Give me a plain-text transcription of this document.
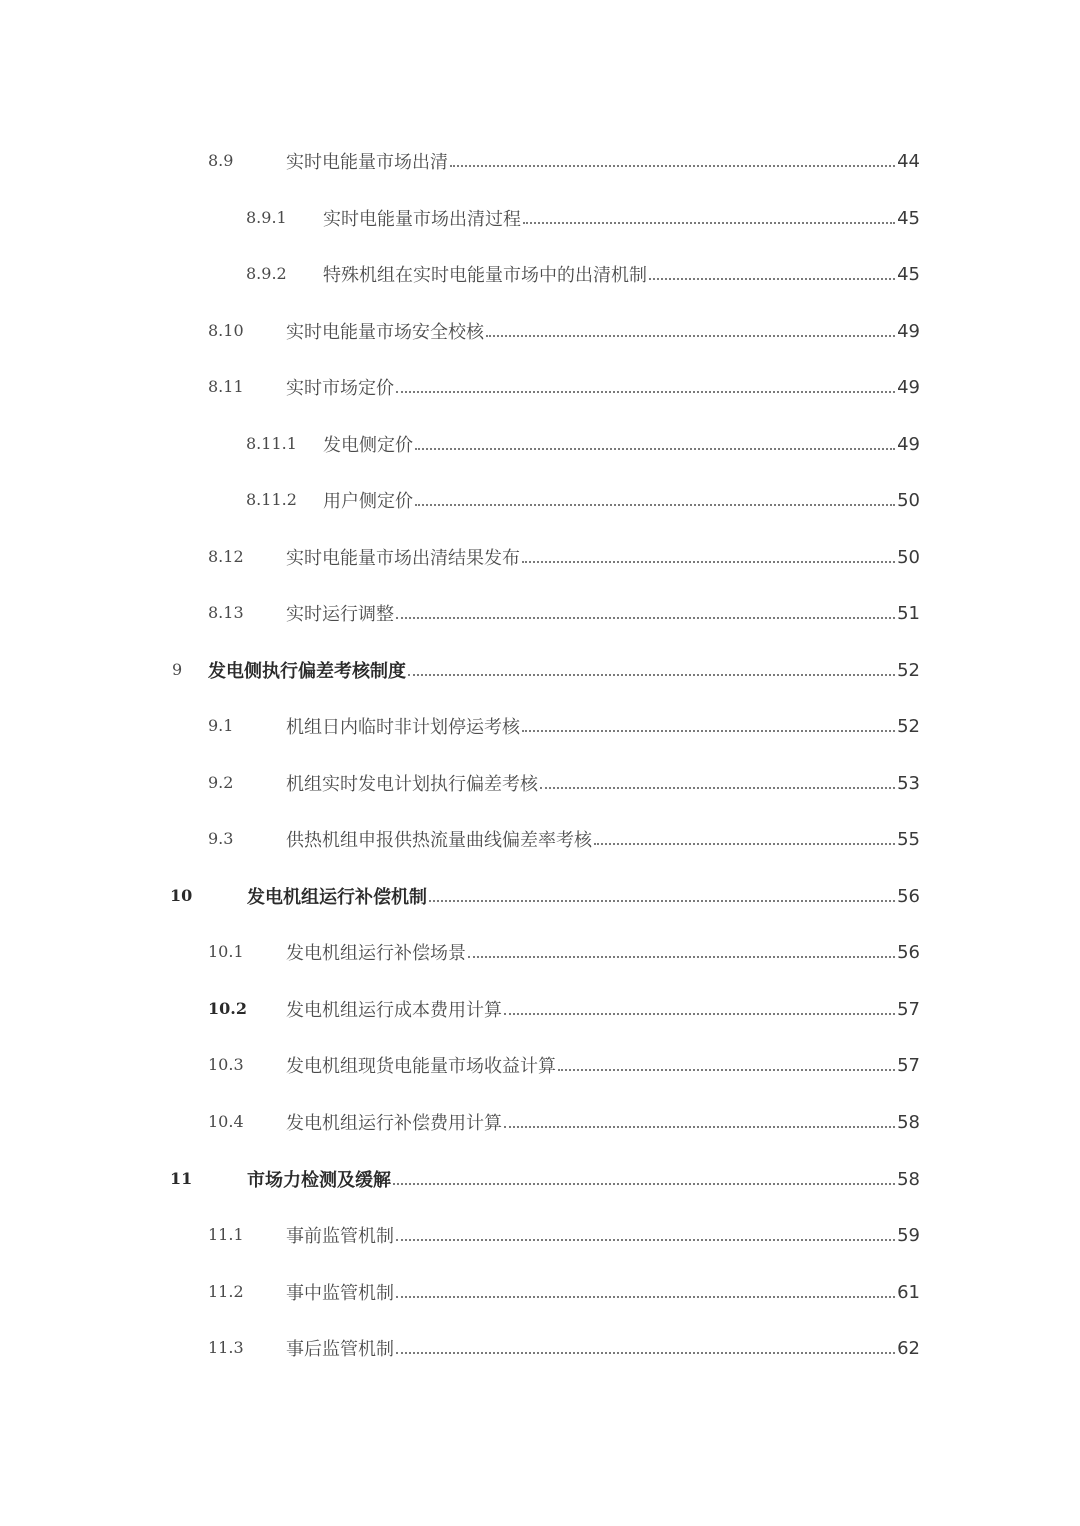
8.9	实时电能量市场出清	44
8.9.1 实时电能量市场出清过程	45
8.9.2 特殊机组在实时电能量市场中的出清机制	45
8.10 实时电能量市场安全校核	49
8.11 实时市场定价	49
8.11.1 发电侧定价	49
8.11.2 用户侧定价	50
8.12 实时电能量市场出清结果发布	50
8.13 实时运行调整	51
9 发电侧执行偏差考核制度	52
9.1	机组日内临时非计划停运考核	52
9.2	机组实时发电计划执行偏差考核	53
9.3	供热机组申报供热流量曲线偏差率考核	55
10	发电机组运行补偿机制	56
10.1 发电机组运行补偿场景	56
10.2 发电机组运行成本费用计算	57
10.3 发电机组现货电能量市场收益计算	57
10.4 发电机组运行补偿费用计算	58
11	市场力检测及缓解	58
11.1 事前监管机制	59
11.2 事中监管机制	61
11.3 事后监管机制	62
